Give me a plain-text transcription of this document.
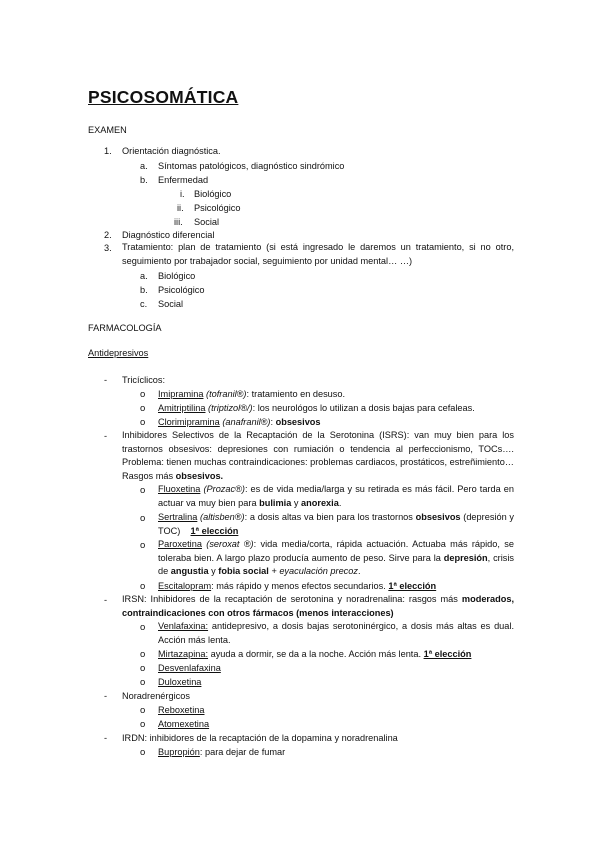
PSICOSOMÁTICA
EXAMEN
1. Orientación diagnóstica.
a. Síntomas patológicos, diagnóstico sindrómico
b. Enfermedad
i. Biológico
ii. Psicológico
iii. Social
2. Diagnóstico diferencial
3. Tratamiento: plan de tratamiento (si está ingresado le daremos un tratamiento, si no otro, seguimiento por trabajador social, seguimiento por unidad mental… …)
a. Biológico
b. Psicológico
c. Social
FARMACOLOGÍA
Antidepresivos
- Tricíclicos:
o Imipramina (tofranil®): tratamiento en desuso.
o Amitriptilina (triptizol®/): los neurológos lo utilizan a dosis bajas para cefaleas.
o Clorimipramina (anafranil®): obsesivos
- Inhibidores Selectivos de la Recaptación de la Serotonina (ISRS): van muy bien para los trastornos obsesivos: depresiones con rumiación o tendencia al perfeccionismo, TOCs…. Problema: tienen muchas contraindicaciones: problemas cardiacos, prostáticos, estreñimiento… Rasgos más obsesivos.
o Fluoxetina (Prozac®): es de vida media/larga y su retirada es más fácil. Pero tarda en actuar va muy bien para bulimia y anorexia.
o Sertralina (altisben®): a dosis altas va bien para los trastornos obsesivos (depresión y TOC) 1ª elección
o Paroxetina (seroxat ®): vida media/corta, rápida actuación. Actuaba más rápido, se toleraba bien. A largo plazo producía aumento de peso. Sirve para la depresión, crisis de angustia y fobia social + eyaculación precoz.
o Escitalopram: más rápido y menos efectos secundarios. 1ª elección
- IRSN: Inhibidores de la recaptación de serotonina y noradrenalina: rasgos más moderados, contraindicaciones con otros fármacos (menos interacciones)
o Venlafaxina: antidepresivo, a dosis bajas serotoninérgico, a dosis más altas es dual. Acción más lenta.
o Mirtazapina: ayuda a dormir, se da a la noche. Acción más lenta. 1ª elección
o Desvenlafaxina
o Duloxetina
- Noradrenérgicos
o Reboxetina
o Atomexetina
- IRDN: inhibidores de la recaptación de la dopamina y noradrenalina
o Bupropión: para dejar de fumar
